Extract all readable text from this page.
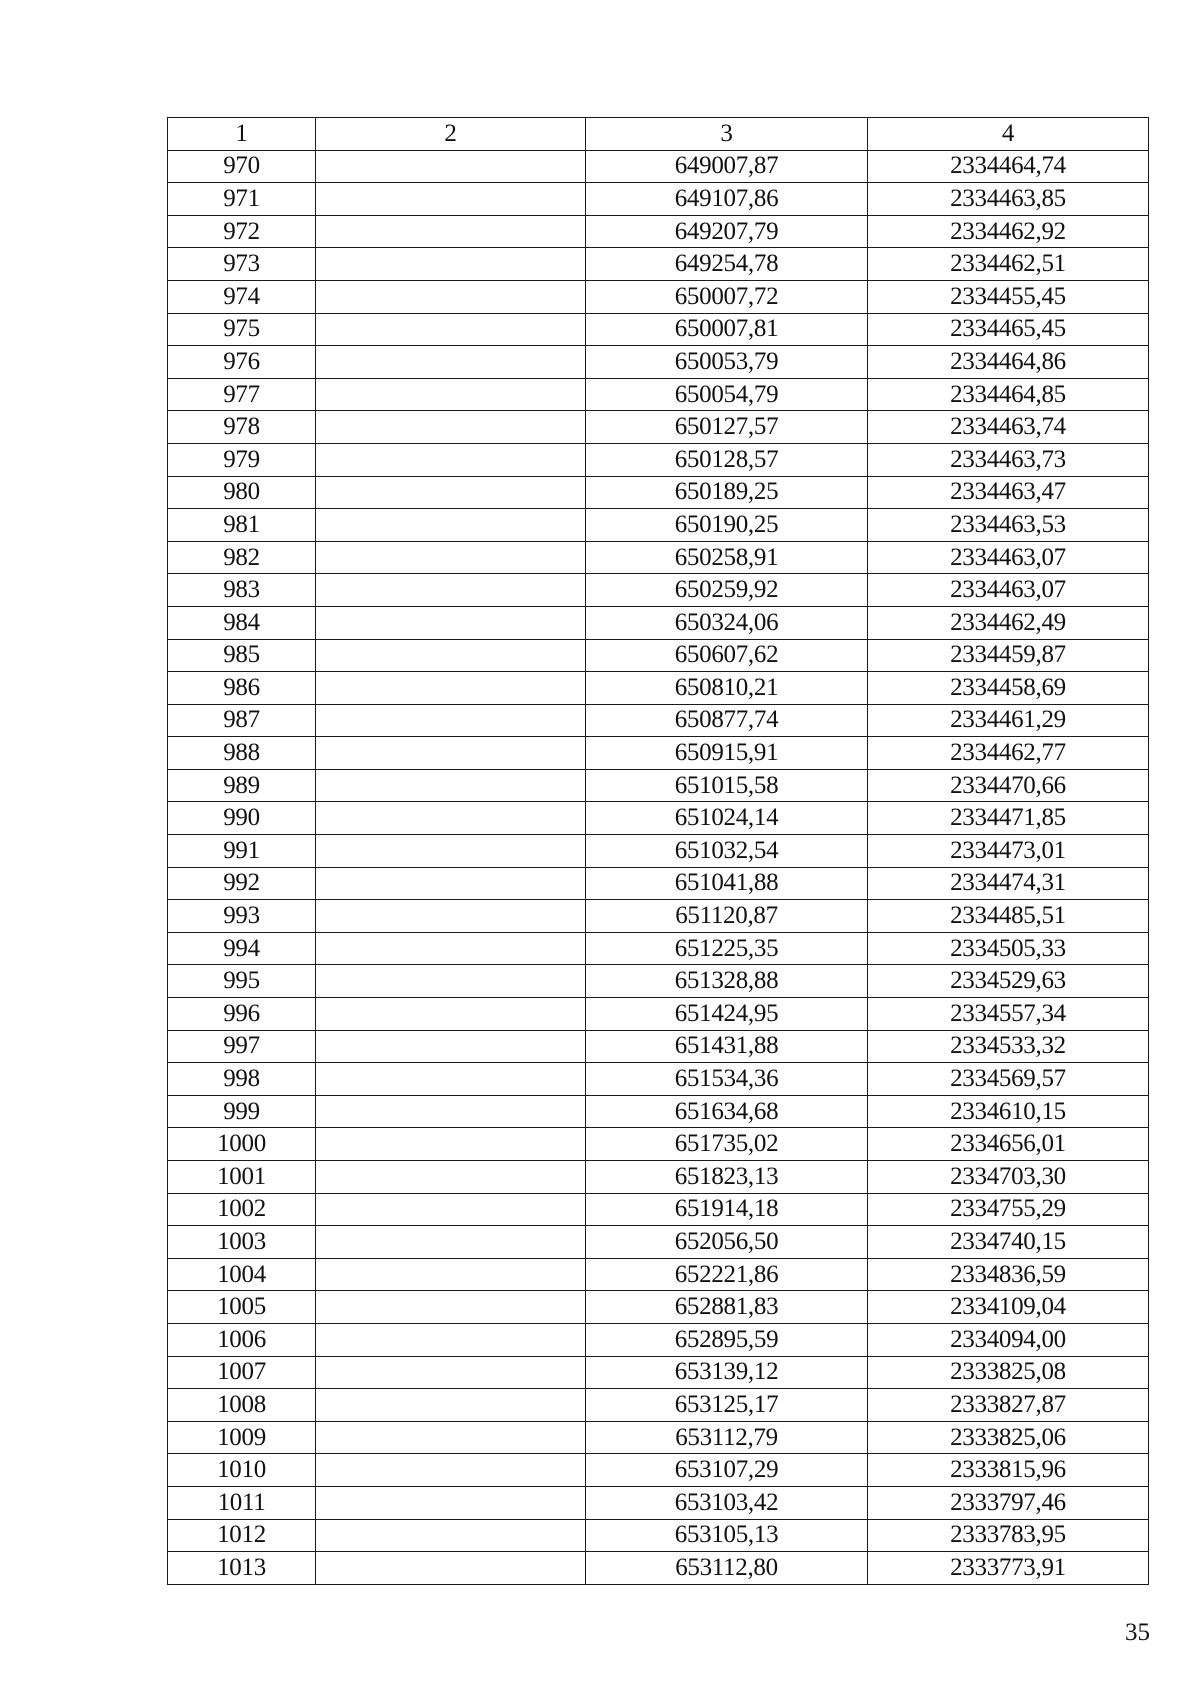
1	2	3	4
970		649007,87	2334464,74
971		649107,86	2334463,85
972		649207,79	2334462,92
973		649254,78	2334462,51
974		650007,72	2334455,45
975		650007,81	2334465,45
976		650053,79	2334464,86
977		650054,79	2334464,85
978		650127,57	2334463,74
979		650128,57	2334463,73
980		650189,25	2334463,47
981		650190,25	2334463,53
982		650258,91	2334463,07
983		650259,92	2334463,07
984		650324,06	2334462,49
985		650607,62	2334459,87
986		650810,21	2334458,69
987		650877,74	2334461,29
988		650915,91	2334462,77
989		651015,58	2334470,66
990		651024,14	2334471,85
991		651032,54	2334473,01
992		651041,88	2334474,31
993		651120,87	2334485,51
994		651225,35	2334505,33
995		651328,88	2334529,63
996		651424,95	2334557,34
997		651431,88	2334533,32
998		651534,36	2334569,57
999		651634,68	2334610,15
1000		651735,02	2334656,01
1001		651823,13	2334703,30
1002		651914,18	2334755,29
1003		652056,50	2334740,15
1004		652221,86	2334836,59
1005		652881,83	2334109,04
1006		652895,59	2334094,00
1007		653139,12	2333825,08
1008		653125,17	2333827,87
1009		653112,79	2333825,06
1010		653107,29	2333815,96
1011		653103,42	2333797,46
1012		653105,13	2333783,95
1013		653112,80	2333773,91
35
